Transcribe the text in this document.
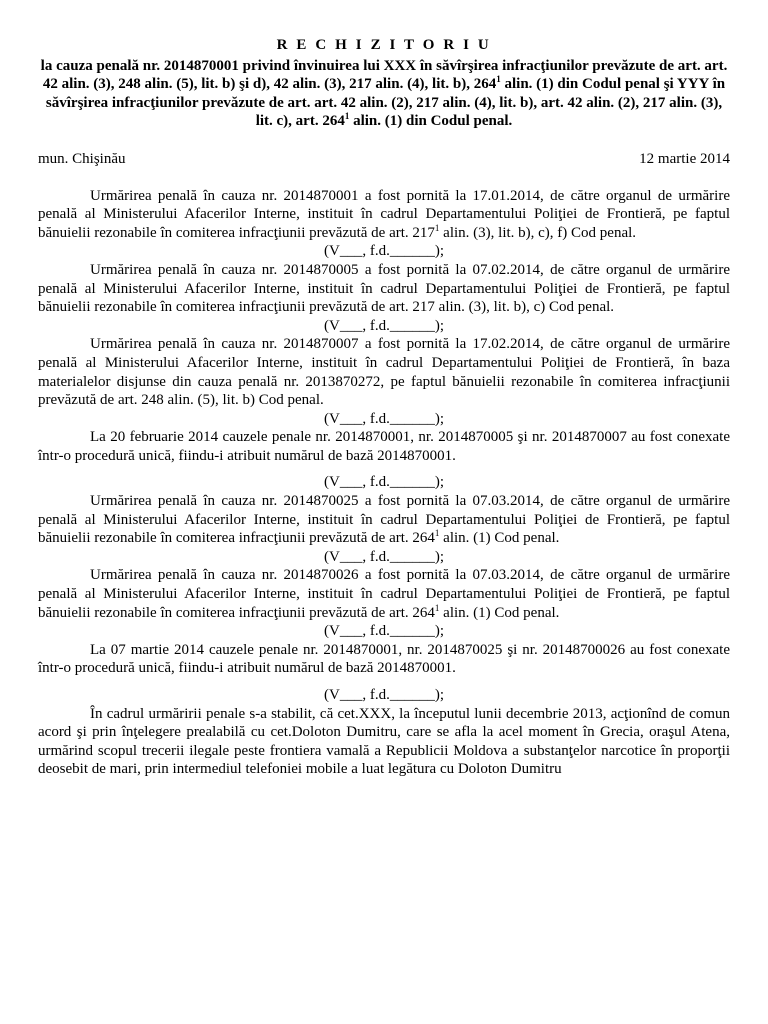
R E C H I Z I T O R I U

la cauza penală nr. 2014870001 privind învinuirea lui XXX în săvîrşirea infracţiunilor prevăzute de art. art. 42 alin. (3), 248 alin. (5), lit. b) şi d), 42 alin. (3), 217 alin. (4), lit. b), $264^1$ alin. (1) din Codul penal şi YYY în săvîrşirea infracţiunilor prevăzute de art. art. 42 alin. (2), 217 alin. (4), lit. b), art. 42 alin. (2), 217 alin. (3), lit. c), art. $264^1$ alin. (1) din Codul penal.

mun. Chişinău	12 martie 2014

Urmărirea penală în cauza nr. 2014870001 a fost pornită la 17.01.2014, de către organul de urmărire penală al Ministerului Afacerilor Interne, instituit în cadrul Departamentului Poliţiei de Frontieră, pe faptul bănuielii rezonabile în comiterea infracţiunii prevăzută de art. $217^1$ alin. (3), lit. b), c), f) Cod penal.

(V___, f.d.______);

Urmărirea penală în cauza nr. 2014870005 a fost pornită la 07.02.2014, de către organul de urmărire penală al Ministerului Afacerilor Interne, instituit în cadrul Departamentului Poliţiei de Frontieră, pe faptul bănuielii rezonabile în comiterea infracţiunii prevăzută de art. 217 alin. (3), lit. b), c) Cod penal.

(V___, f.d.______);

Urmărirea penală în cauza nr. 2014870007 a fost pornită la 17.02.2014, de către organul de urmărire penală al Ministerului Afacerilor Interne, instituit în cadrul Departamentului Poliţiei de Frontieră, în baza materialelor disjunse din cauza penală nr. 2013870272, pe faptul bănuielii rezonabile în comiterea infracţiunii prevăzută de art. 248 alin. (5), lit. b) Cod penal.

(V___, f.d.______);

La 20 februarie 2014 cauzele penale nr. 2014870001, nr. 2014870005 şi nr. 2014870007 au fost conexate într-o procedură unică, fiindu-i atribuit numărul de bază 2014870001.

(V___, f.d.______);

Urmărirea penală în cauza nr. 2014870025 a fost pornită la 07.03.2014, de către organul de urmărire penală al Ministerului Afacerilor Interne, instituit în cadrul Departamentului Poliţiei de Frontieră, pe faptul bănuielii rezonabile în comiterea infracţiunii prevăzută de art. $264^1$ alin. (1) Cod penal.

(V___, f.d.______);

Urmărirea penală în cauza nr. 2014870026 a fost pornită la 07.03.2014, de către organul de urmărire penală al Ministerului Afacerilor Interne, instituit în cadrul Departamentului Poliţiei de Frontieră, pe faptul bănuielii rezonabile în comiterea infracţiunii prevăzută de art. $264^1$ alin. (1) Cod penal.

(V___, f.d.______);

La 07 martie 2014 cauzele penale nr. 2014870001, nr. 2014870025 şi nr. 20148700026 au fost conexate într-o procedură unică, fiindu-i atribuit numărul de bază 2014870001.

(V___, f.d.______);

În cadrul urmăririi penale s-a stabilit, că cet.XXX, la începutul lunii decembrie 2013, acţionînd de comun acord şi prin înţelegere prealabilă cu cet.Doloton Dumitru, care se afla la acel moment în Grecia, oraşul Atena, urmărind scopul trecerii ilegale peste frontiera vamală a Republicii Moldova a substanţelor narcotice în proporţii deosebit de mari, prin intermediul telefoniei mobile a luat legătura cu Doloton Dumitru
